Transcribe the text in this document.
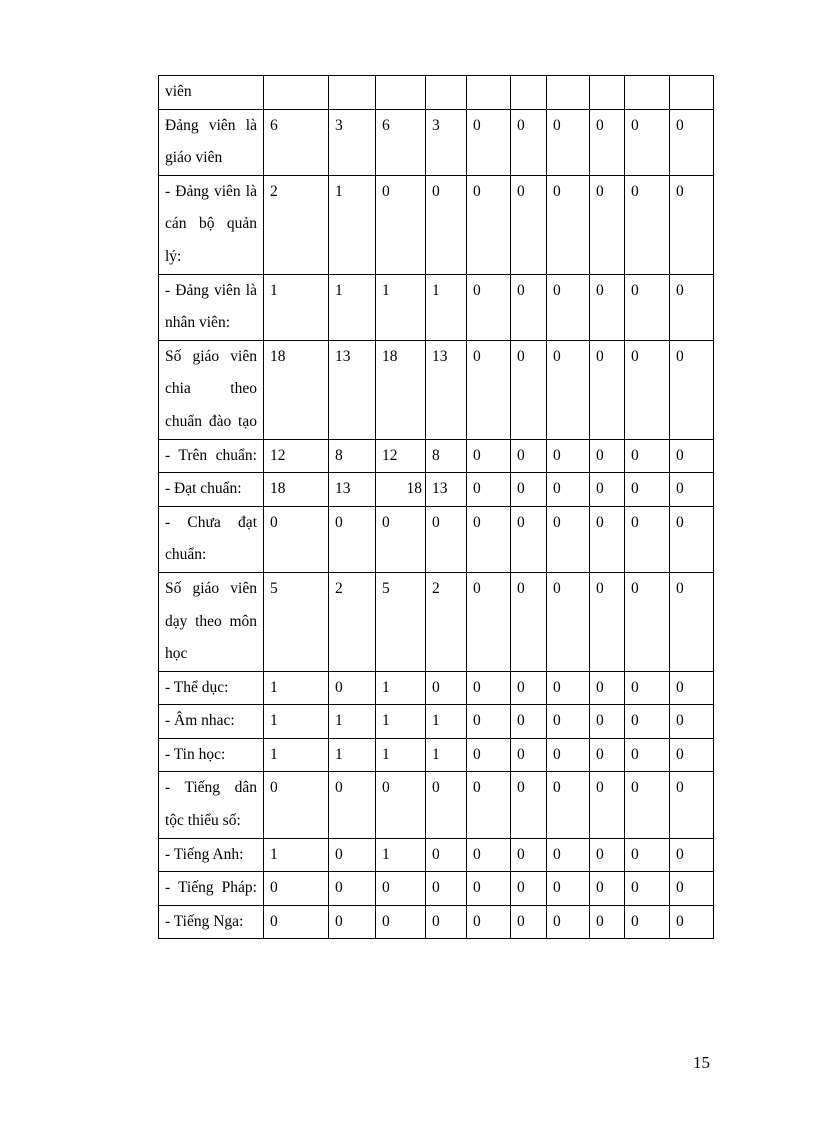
viên										
Đảng viên là giáo viên	6	3	6	3	0	0	0	0	0	0
- Đảng viên là cán bộ quản lý:	2	1	0	0	0	0	0	0	0	0
- Đảng viên là nhân viên:	1	1	1	1	0	0	0	0	0	0
Số giáo viên chia theo chuẩn đào tạo	18	13	18	13	0	0	0	0	0	0
- Trên chuẩn:	12	8	12	8	0	0	0	0	0	0
- Đạt chuẩn:	18	13	18	13	0	0	0	0	0	0
- Chưa đạt chuẩn:	0	0	0	0	0	0	0	0	0	0
Số giáo viên dạy theo môn học	5	2	5	2	0	0	0	0	0	0
- Thể dục:	1	0	1	0	0	0	0	0	0	0
- Âm nhac:	1	1	1	1	0	0	0	0	0	0
- Tin học:	1	1	1	1	0	0	0	0	0	0
- Tiếng dân tộc thiểu số:	0	0	0	0	0	0	0	0	0	0
- Tiếng Anh:	1	0	1	0	0	0	0	0	0	0
- Tiếng Pháp:	0	0	0	0	0	0	0	0	0	0
- Tiếng Nga:	0	0	0	0	0	0	0	0	0	0
15
